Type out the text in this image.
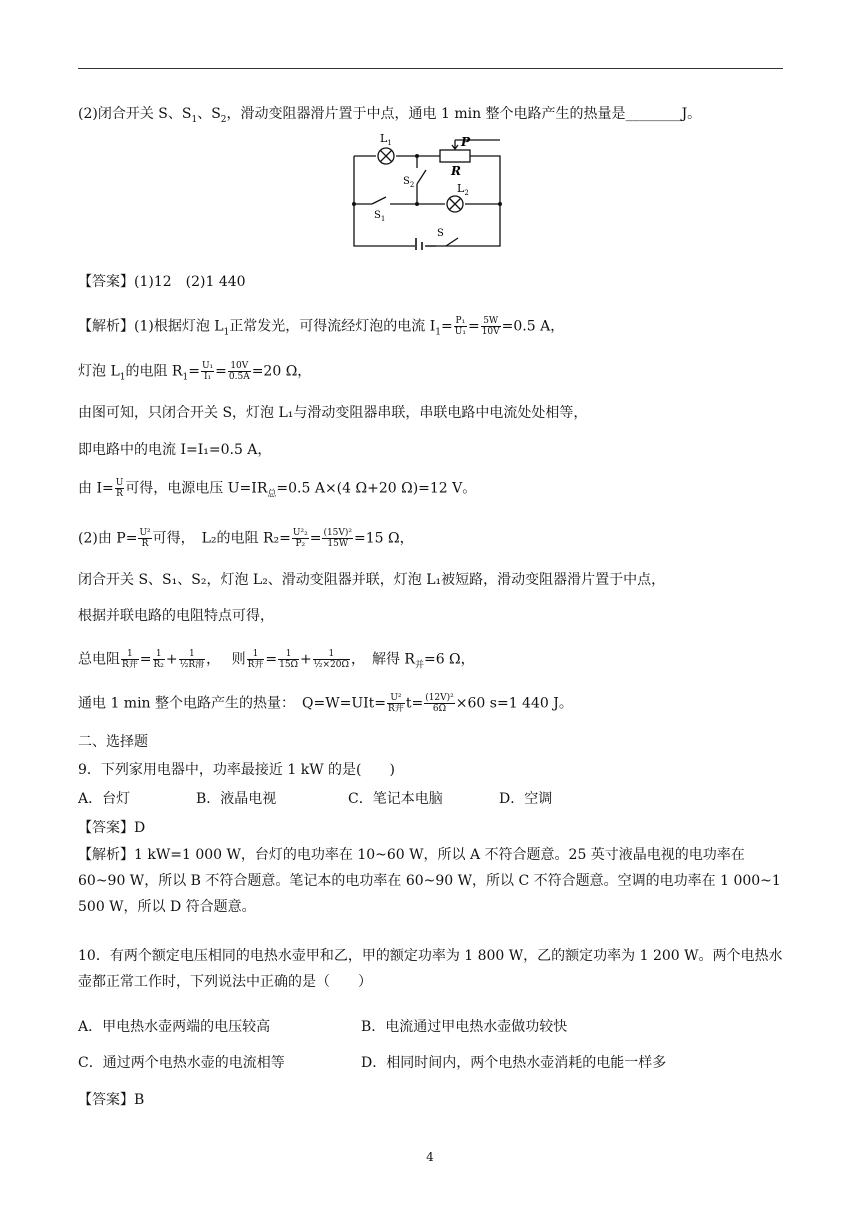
(2)闭合开关 S、$S_1$、$S_2$，滑动变阻器滑片置于中点，通电 1 min 整个电路产生的热量是________J。
$L_1$	P
R
$S_2$	$L_2$
$S_1$
S
【答案】(1)12　(2)1 440
【解析】(1)根据灯泡 $L_1$正常发光，可得流经灯泡的电流 $I_1= \frac{\text{P₁}}{\text{U₁}} = \frac{5W}{10V} =0.5$ A，
灯泡 $L_1$的电阻 $R_1= \frac{\text{U₁}}{\text{I₁}} = \frac{10V}{0.5A} =20$ Ω，
由图可知，只闭合开关 S，灯泡 L₁与滑动变阻器串联，串联电路中电流处处相等，
即电路中的电流 I=I₁=0.5 A，
由 $I= \frac{U}{R}$ 可得，电源电压 $U=IR_总=0.5$ A×(4 Ω+20 Ω)=12 V。
(2)由 $P= \frac{\text{U²}}{R}$ 可得，　L₂的电阻 $R_2= \frac{\text{U²₂}}{\text{P₂}} = \frac{\text{(15V)²}}{15W} =15$ Ω，
闭合开关 S、S₁、S₂，灯泡 L₂、滑动变阻器并联，灯泡 L₁被短路，滑动变阻器滑片置于中点，
根据并联电路的电阻特点可得，
总电阻 1
R并 = $\frac{1}{\text{R₂}}$ +	1
½R滑 ，　 则 1
R并 = $\frac{1}{15\Omega} + \frac{1}{\text{½×20Ω}}$ ，　解得 $R_并=6$ Ω，
通电 1 min 整个电路产生的热量：　Q=W=UIt= U²
R并 $t= \frac{\text{(12V)²}}{6\Omega} \times 60$ s=1 440 J。
二、选择题
9．下列家用电器中，功率最接近 1 kW 的是(　　)
A．台灯	B．液晶电视	C．笔记本电脑	D．空调
【答案】D
【解析】1 kW=1 000 W，台灯的电功率在 10~60 W，所以 A 不符合题意。25 英寸液晶电视的电功率在 60~90 W，所以 B 不符合题意。笔记本的电功率在 60~90 W，所以 C 不符合题意。空调的电功率在 1 000~1 500 W，所以 D 符合题意。
10．有两个额定电压相同的电热水壶甲和乙，甲的额定功率为 1 800 W，乙的额定功率为 1 200 W。两个电热水壶都正常工作时，下列说法中正确的是（　　）
A．甲电热水壶两端的电压较高	B．电流通过甲电热水壶做功较快
C．通过两个电热水壶的电流相等	D．相同时间内，两个电热水壶消耗的电能一样多
【答案】B
4
